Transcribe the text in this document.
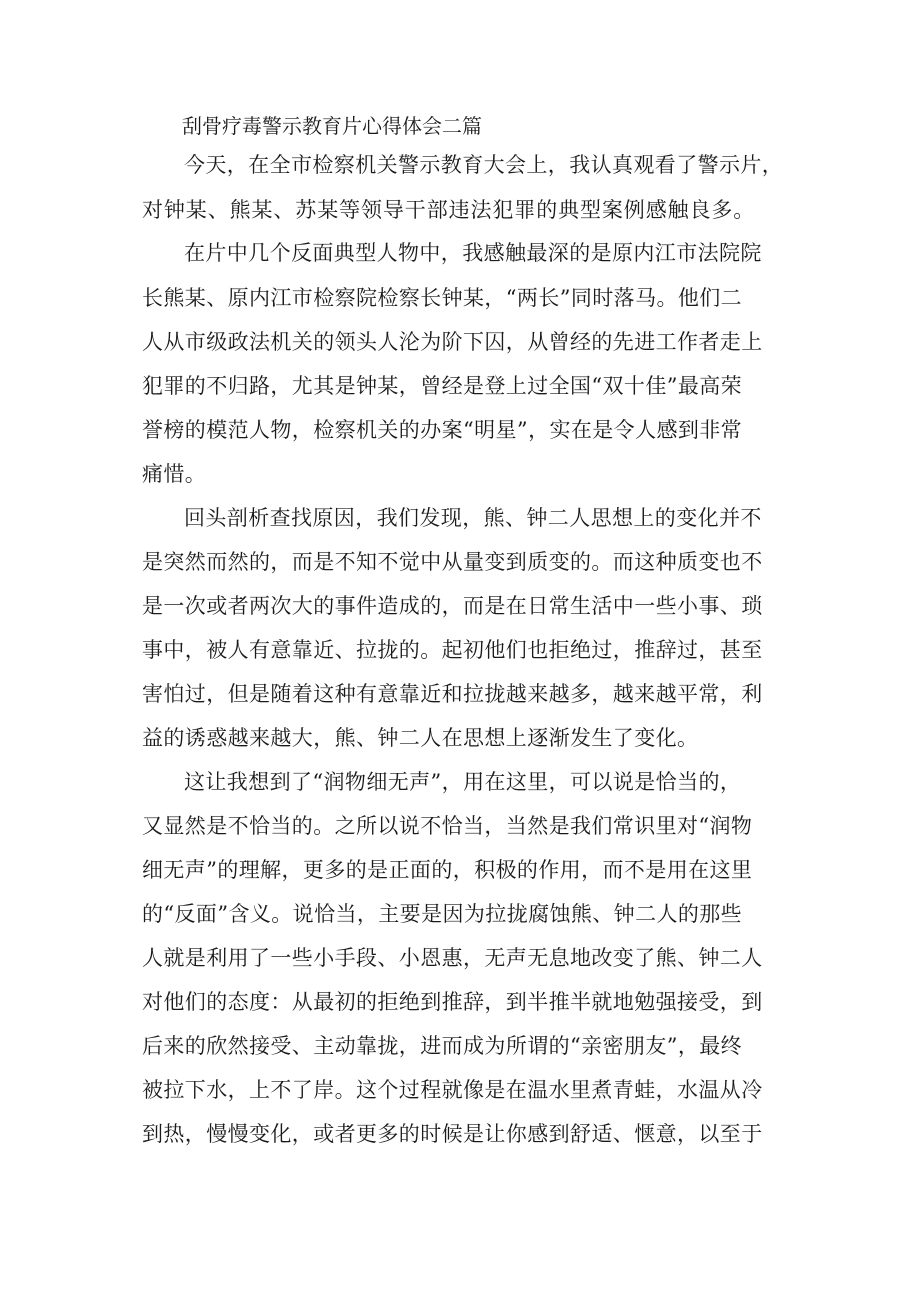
刮骨疗毒警示教育片心得体会二篇
今天，在全市检察机关警示教育大会上，我认真观看了警示片，
对钟某、熊某、苏某等领导干部违法犯罪的典型案例感触良多。
在片中几个反面典型人物中，我感触最深的是原内江市法院院
长熊某、原内江市检察院检察长钟某，“两长”同时落马。他们二
人从市级政法机关的领头人沦为阶下囚，从曾经的先进工作者走上
犯罪的不归路，尤其是钟某，曾经是登上过全国“双十佳”最高荣
誉榜的模范人物，检察机关的办案“明星”，实在是令人感到非常
痛惜。
回头剖析查找原因，我们发现，熊、钟二人思想上的变化并不
是突然而然的，而是不知不觉中从量变到质变的。而这种质变也不
是一次或者两次大的事件造成的，而是在日常生活中一些小事、琐
事中，被人有意靠近、拉拢的。起初他们也拒绝过，推辞过，甚至
害怕过，但是随着这种有意靠近和拉拢越来越多，越来越平常，利
益的诱惑越来越大，熊、钟二人在思想上逐渐发生了变化。
这让我想到了“润物细无声”，用在这里，可以说是恰当的，
又显然是不恰当的。之所以说不恰当，当然是我们常识里对“润物
细无声”的理解，更多的是正面的，积极的作用，而不是用在这里
的“反面”含义。说恰当，主要是因为拉拢腐蚀熊、钟二人的那些
人就是利用了一些小手段、小恩惠，无声无息地改变了熊、钟二人
对他们的态度：从最初的拒绝到推辞，到半推半就地勉强接受，到
后来的欣然接受、主动靠拢，进而成为所谓的“亲密朋友”，最终
被拉下水，上不了岸。这个过程就像是在温水里煮青蛙，水温从冷
到热，慢慢变化，或者更多的时候是让你感到舒适、惬意，以至于
